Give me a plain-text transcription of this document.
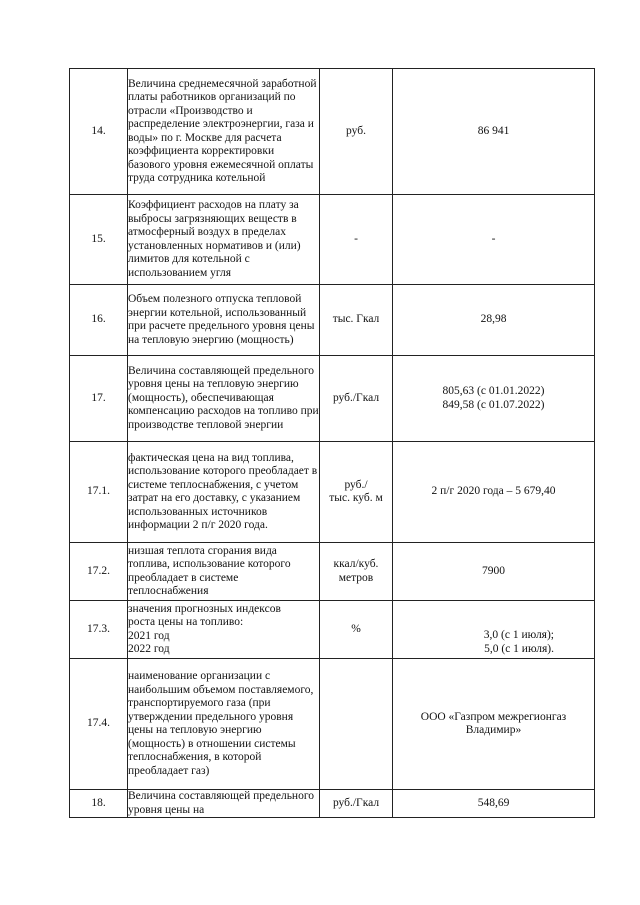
14.	Величина среднемесячной заработной платы работников организаций по отрасли «Производство и распределение электроэнергии, газа и воды» по г. Москве для расчета коэффициента корректировки базового уровня ежемесячной оплаты труда сотрудника котельной	руб.	86 941

15.	Коэффициент расходов на плату за выбросы загрязняющих веществ в атмосферный воздух в пределах установленных нормативов и (или) лимитов для котельной с использованием угля	-	-

16.	Объем полезного отпуска тепловой энергии котельной, использованный при расчете предельного уровня цены на тепловую энергию (мощность)	тыс. Гкал	28,98

17.	Величина составляющей предельного уровня цены на тепловую энергию (мощность), обеспечивающая компенсацию расходов на топливо при производстве тепловой энергии	руб./Гкал	805,63 (с 01.01.2022)
849,58 (с 01.07.2022)

17.1.	фактическая цена на вид топлива, использование которого преобладает в системе теплоснабжения, с учетом затрат на его доставку, с указанием использованных источников информации 2 п/г 2020 года.	руб./
тыс. куб. м	2 п/г 2020 года – 5 679,40

17.2.	низшая теплота сгорания вида топлива, использование которого преобладает в системе теплоснабжения	ккал/куб.
метров	7900

17.3.	значения прогнозных индексов
роста цены на топливо:
2021 год
2022 год	%	3,0 (с 1 июля);
5,0 (с 1 июля).

17.4.	наименование организации с наибольшим объемом поставляемого, транспортируемого газа (при утверждении предельного уровня цены на тепловую энергию (мощность) в отношении системы теплоснабжения, в которой преобладает газ)		ООО «Газпром межрегионгаз
Владимир»

18.	Величина составляющей предельного уровня цены на	руб./Гкал	548,69
